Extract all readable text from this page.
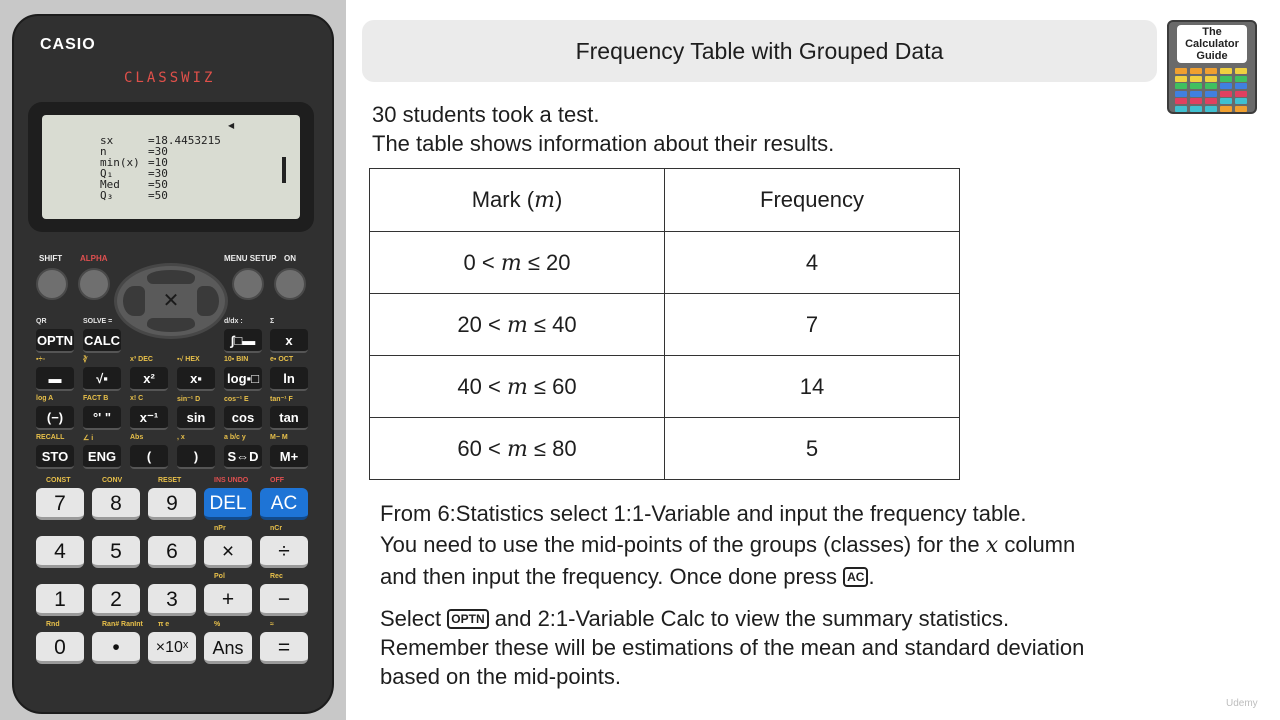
CASIO
CLASSWIZ
◀
sx	=18.4453215
n	=30
min(x) =10
Q₁	=30
Med	=50
Q₃	=50
SHIFT ALPHA	MENU SETUP ON
✕
OPTN
QR
CALC
SOLVE =
∫□▬
d/dx :
x
Σ
▬
▪÷▫
√▪
∛
x²
x³ DEC
x▪
▪√ HEX
log▪□
10▪ BIN
ln
e▪ OCT
(−)
log A
°' "
FACT B
x⁻¹
x! C
sin
sin⁻¹ D
cos
cos⁻¹ E
tan
tan⁻¹ F
STO
RECALL
ENG
∠ i
(
Abs
)
, x
S⇔D
a b/c y
M+
M− M
7
CONST
8
CONV
9
RESET
DEL
INS UNDO
AC
OFF
4	5	6	×
nPr
÷
nCr
1	2	3	+
Pol
−
Rec
0
Rnd
•
Ran# RanInt
×10ˣ
π e
Ans
%
=
≈
Frequency Table with Grouped Data
The
Calculator
Guide
30 students took a test.
The table shows information about their results.
Mark (m)	Frequency
0 < m ≤ 20	4
20 < m ≤ 40	7
40 < m ≤ 60	14
60 < m ≤ 80	5
From 6:Statistics select 1:1-Variable and input the frequency table.
You need to use the mid-points of the groups (classes) for the x column
and then input the frequency. Once done press AC .
Select OPTN and 2:1-Variable Calc to view the summary statistics.
Remember these will be estimations of the mean and standard deviation
based on the mid-points.
Udemy
